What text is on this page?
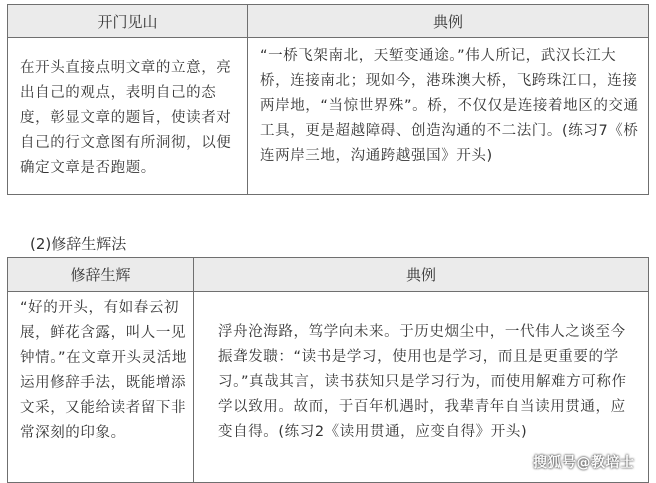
开门见山	典例
在开头直接点明文章的立意，亮出自己的观点，表明自己的态度，彰显文章的题旨，使读者对自己的行文意图有所洞彻，以便确定文章是否跑题。	“一桥飞架南北，天堑变通途。”伟人所记，武汉长江大桥，连接南北；现如今，港珠澳大桥，飞跨珠江口，连接两岸地，“当惊世界殊”。桥，不仅仅是连接着地区的交通工具，更是超越障碍、创造沟通的不二法门。(练习7《桥连两岸三地，沟通跨越强国》开头)
(2)修辞生辉法
修辞生辉	典例
“好的开头，有如春云初展，鲜花含露，叫人一见钟情。”在文章开头灵活地运用修辞手法，既能增添文采，又能给读者留下非常深刻的印象。	浮舟沧海路，笃学向未来。于历史烟尘中，一代伟人之谈至今振聋发聩：“读书是学习，使用也是学习，而且是更重要的学习。”真哉其言，读书获知只是学习行为，而使用解难方可称作学以致用。故而，于百年机遇时，我辈青年自当读用贯通，应变自得。(练习2《读用贯通，应变自得》开头)
搜狐号@教培士
